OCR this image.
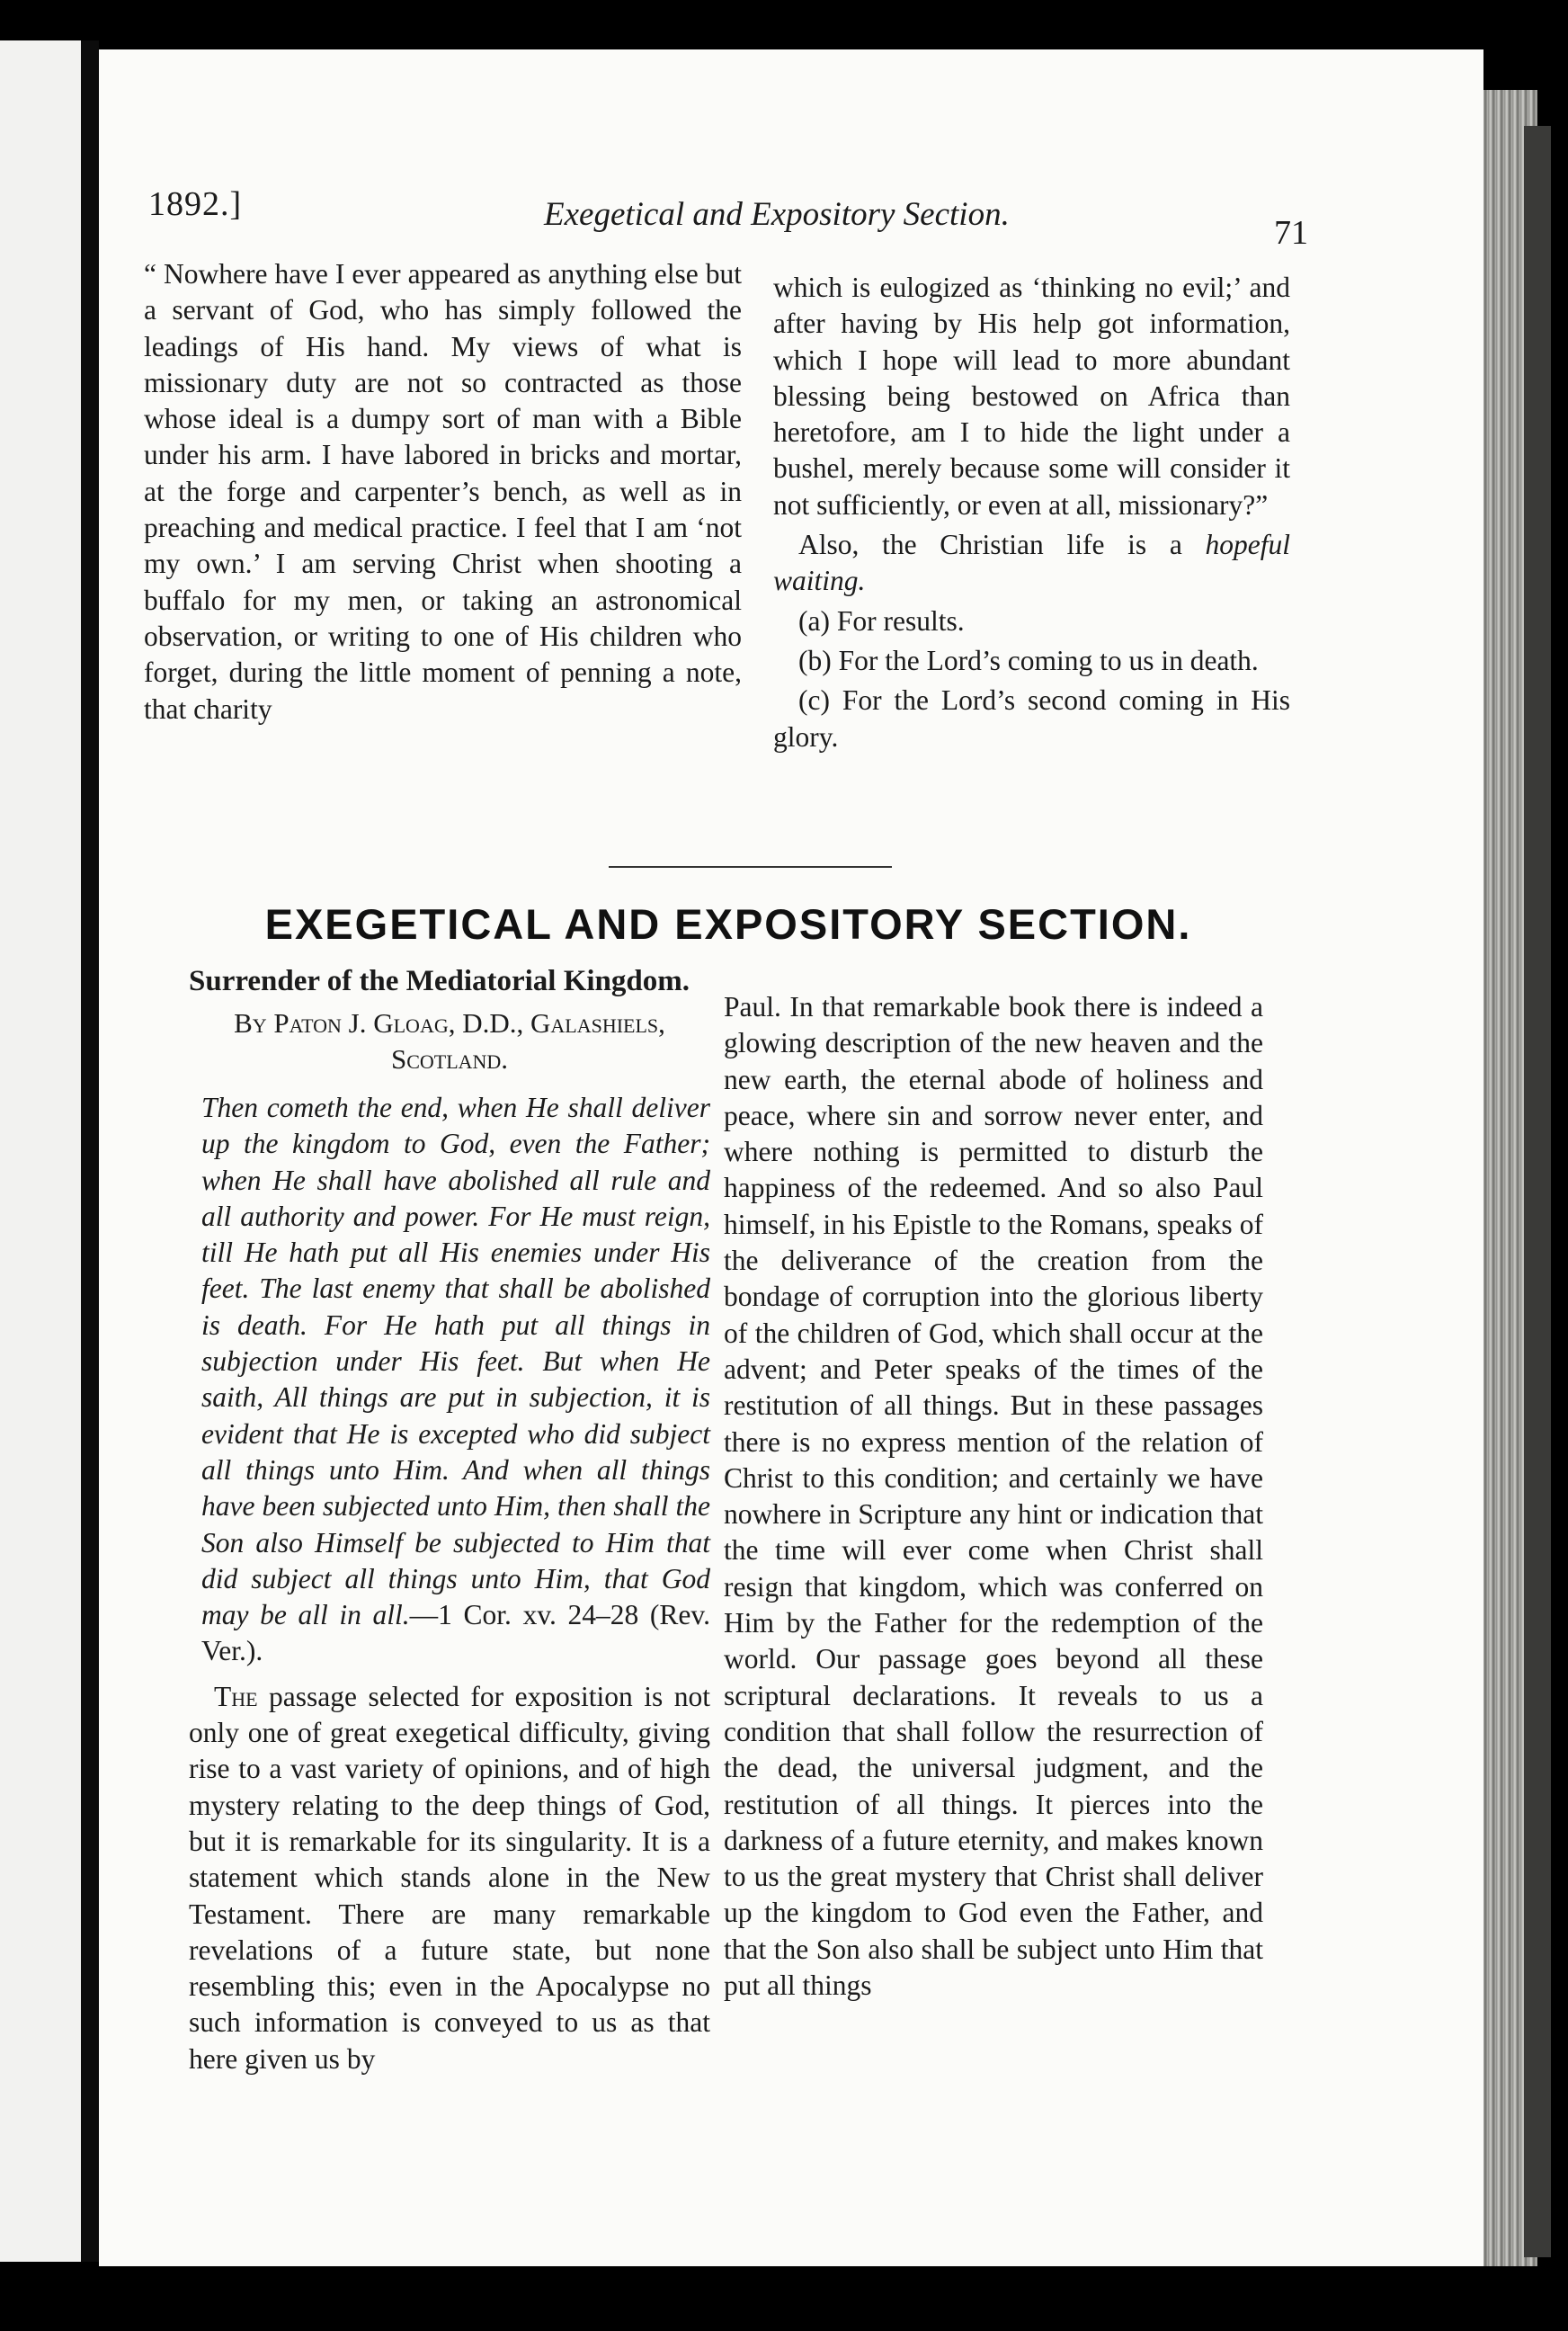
1892.]	Exegetical and Expository Section.	71

“ Nowhere have I ever appeared as anything else but a servant of God, who has simply followed the leadings of His hand. My views of what is missionary duty are not so contracted as those whose ideal is a dumpy sort of man with a Bible under his arm. I have labored in bricks and mortar, at the forge and carpenter’s bench, as well as in preaching and medical practice. I feel that I am ‘not my own.’ I am serving Christ when shooting a buffalo for my men, or taking an astronomical observation, or writing to one of His children who forget, during the little moment of penning a note, that charity

which is eulogized as ‘thinking no evil;’ and after having by His help got information, which I hope will lead to more abundant blessing being bestowed on Africa than heretofore, am I to hide the light under a bushel, merely because some will consider it not sufficiently, or even at all, missionary?”

Also, the Christian life is a hopeful waiting.

(a) For results.

(b) For the Lord’s coming to us in death.

(c) For the Lord’s second coming in His glory.

EXEGETICAL AND EXPOSITORY SECTION.
Surrender of the Mediatorial Kingdom.
By Paton J. Gloag, D.D., Galashiels, Scotland.

Then cometh the end, when He shall deliver up the kingdom to God, even the Father; when He shall have abolished all rule and all authority and power. For He must reign, till He hath put all His enemies under His feet. The last enemy that shall be abolished is death. For He hath put all things in subjection under His feet. But when He saith, All things are put in subjection, it is evident that He is excepted who did subject all things unto Him. And when all things have been subjected unto Him, then shall the Son also Himself be subjected to Him that did subject all things unto Him, that God may be all in all.—1 Cor. xv. 24–28 (Rev. Ver.).

The passage selected for exposition is not only one of great exegetical difficulty, giving rise to a vast variety of opinions, and of high mystery relating to the deep things of God, but it is remarkable for its singularity. It is a statement which stands alone in the New Testament. There are many remarkable revelations of a future state, but none resembling this; even in the Apocalypse no such information is conveyed to us as that here given us by

Paul. In that remarkable book there is indeed a glowing description of the new heaven and the new earth, the eternal abode of holiness and peace, where sin and sorrow never enter, and where nothing is permitted to disturb the happiness of the redeemed. And so also Paul himself, in his Epistle to the Romans, speaks of the deliverance of the creation from the bondage of corruption into the glorious liberty of the children of God, which shall occur at the advent; and Peter speaks of the times of the restitution of all things. But in these passages there is no express mention of the relation of Christ to this condition; and certainly we have nowhere in Scripture any hint or indication that the time will ever come when Christ shall resign that kingdom, which was conferred on Him by the Father for the redemption of the world. Our passage goes beyond all these scriptural declarations. It reveals to us a condition that shall follow the resurrection of the dead, the universal judgment, and the restitution of all things. It pierces into the darkness of a future eternity, and makes known to us the great mystery that Christ shall deliver up the kingdom to God even the Father, and that the Son also shall be subject unto Him that put all things
